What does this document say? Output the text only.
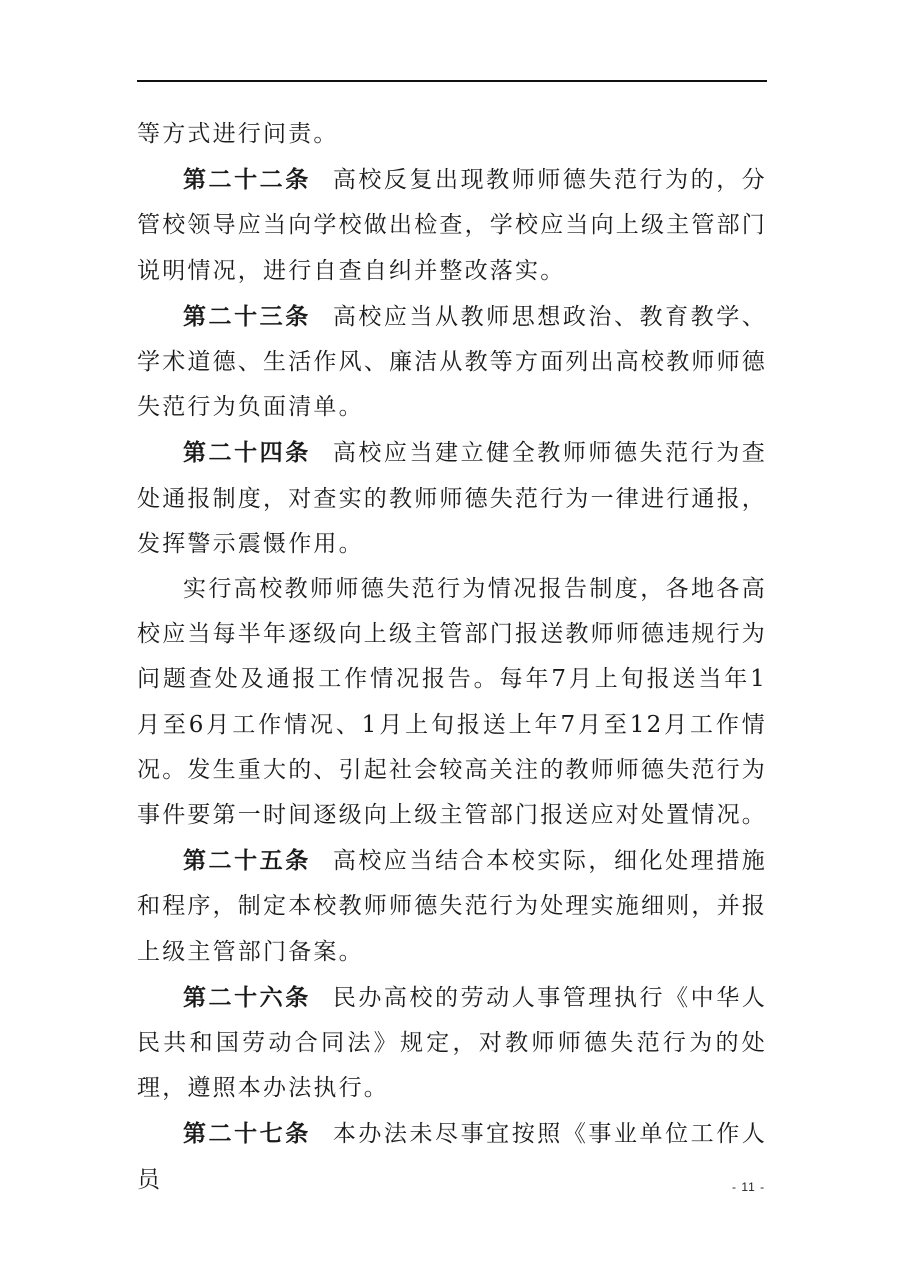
等方式进行问责。

第二十二条 高校反复出现教师师德失范行为的，分管校领导应当向学校做出检查，学校应当向上级主管部门说明情况，进行自查自纠并整改落实。

第二十三条 高校应当从教师思想政治、教育教学、学术道德、生活作风、廉洁从教等方面列出高校教师师德失范行为负面清单。

第二十四条 高校应当建立健全教师师德失范行为查处通报制度，对查实的教师师德失范行为一律进行通报，发挥警示震慑作用。

实行高校教师师德失范行为情况报告制度，各地各高校应当每半年逐级向上级主管部门报送教师师德违规行为问题查处及通报工作情况报告。每年7月上旬报送当年1月至6月工作情况、1月上旬报送上年7月至12月工作情况。发生重大的、引起社会较高关注的教师师德失范行为事件要第一时间逐级向上级主管部门报送应对处置情况。

第二十五条 高校应当结合本校实际，细化处理措施和程序，制定本校教师师德失范行为处理实施细则，并报上级主管部门备案。

第二十六条 民办高校的劳动人事管理执行《中华人民共和国劳动合同法》规定，对教师师德失范行为的处理，遵照本办法执行。

第二十七条 本办法未尽事宜按照《事业单位工作人员	- 11 -
